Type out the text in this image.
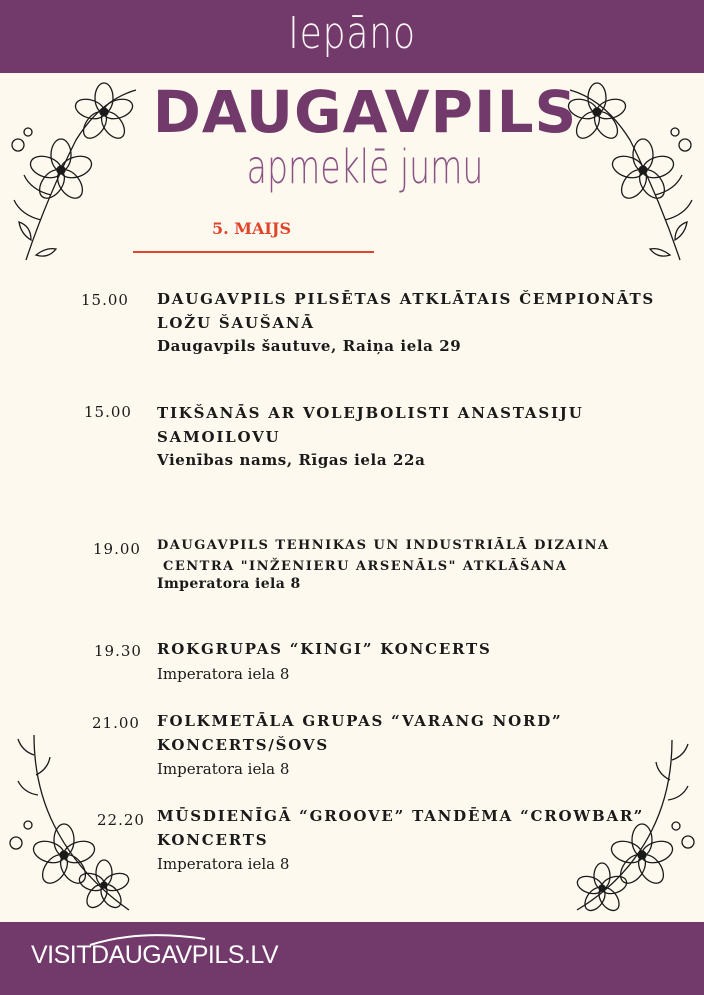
Iepāno
DAUGAVPILS
apmeklē jumu
5. MAIJS
15.00 DAUGAVPILS PILSĒTAS ATKLĀTAIS ČEMPIONĀTS
LOŽU ŠAUŠANĀ
Daugavpils šautuve, Raiņa iela 29
15.00 TIKŠANĀS AR VOLEJBOLISTI ANASTASIJU
SAMOILOVU
Vienības nams, Rīgas iela 22a
19.00 DAUGAVPILS TEHNIKAS UN INDUSTRIĀLĀ DIZAINA
CENTRA "INŽENIERU ARSENĀLS" ATKLĀŠANA
Imperatora iela 8
19.30 ROKGRUPAS “KINGI” KONCERTS
Imperatora iela 8
21.00 FOLKMETĀLA GRUPAS “VARANG NORD”
KONCERTS/ŠOVS
Imperatora iela 8
22.20 MŪSDIENĪGĀ “GROOVE” TANDĒMA “CROWBAR”
KONCERTS
Imperatora iela 8
VISITDAUGAVPILS.LV
